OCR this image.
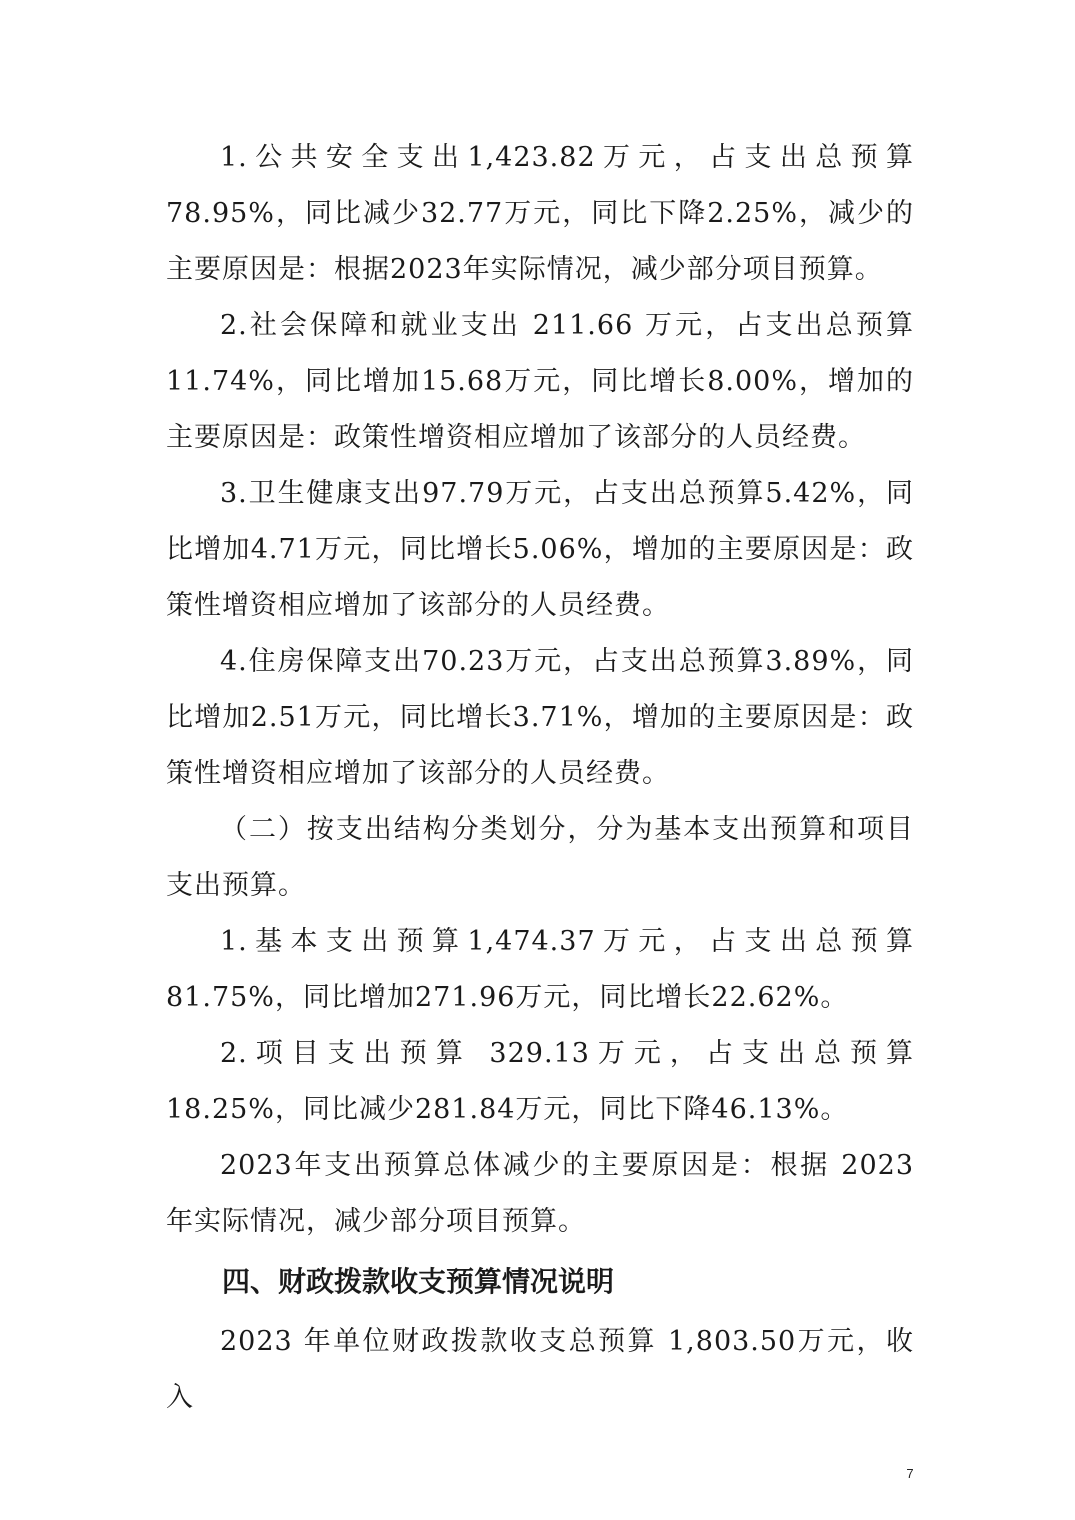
1.公共安全支出1,423.82万元，占支出总预算78.95%，同比减少32.77万元，同比下降2.25%，减少的主要原因是：根据2023年实际情况，减少部分项目预算。

2.社会保障和就业支出 211.66 万元，占支出总预算11.74%，同比增加15.68万元，同比增长8.00%，增加的主要原因是：政策性增资相应增加了该部分的人员经费。

3.卫生健康支出97.79万元，占支出总预算5.42%，同比增加4.71万元，同比增长5.06%，增加的主要原因是：政策性增资相应增加了该部分的人员经费。

4.住房保障支出70.23万元，占支出总预算3.89%，同比增加2.51万元，同比增长3.71%，增加的主要原因是：政策性增资相应增加了该部分的人员经费。

（二）按支出结构分类划分，分为基本支出预算和项目支出预算。

1.基本支出预算1,474.37万元，占支出总预算81.75%，同比增加271.96万元，同比增长22.62%。

2.项目支出预算 329.13万元，占支出总预算 18.25%，同比减少281.84万元，同比下降46.13%。

2023年支出预算总体减少的主要原因是：根据 2023 年实际情况，减少部分项目预算。

四、财政拨款收支预算情况说明

2023 年单位财政拨款收支总预算 1,803.50万元，收入

7
